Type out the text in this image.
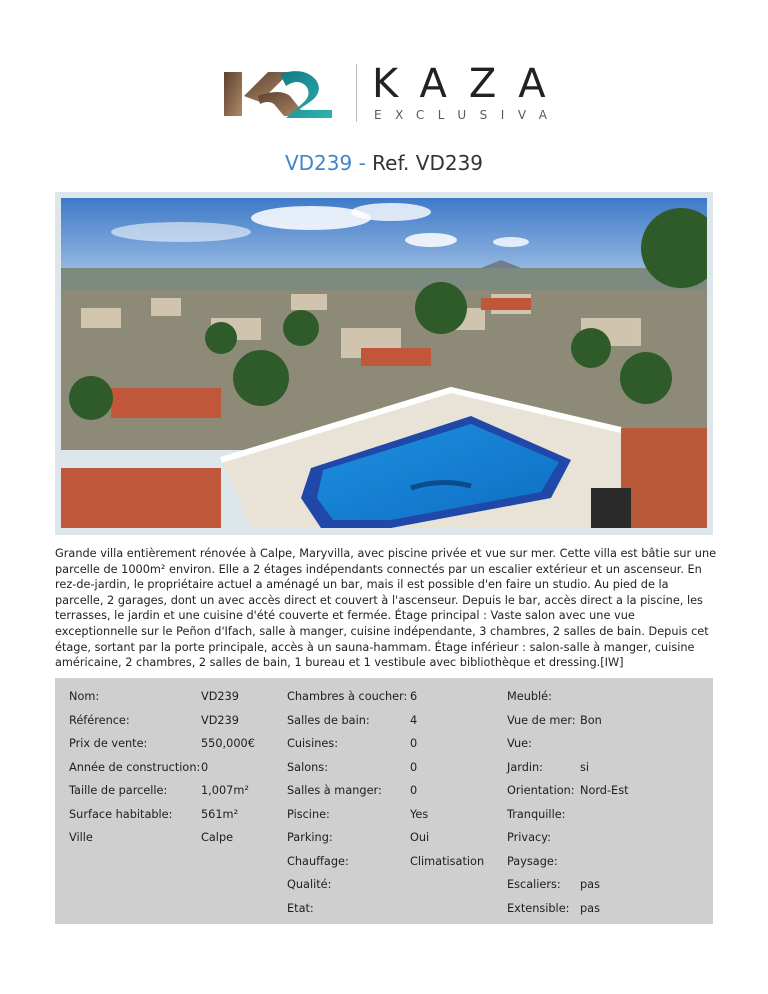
KAZA
EXCLUSIVA
VD239 - Ref. VD239
Grande villa entièrement rénovée à Calpe, Maryvilla, avec piscine privée et vue sur mer. Cette villa est bâtie sur une parcelle de 1000m² environ. Elle a 2 étages indépendants connectés par un escalier extérieur et un ascenseur. En rez-de-jardin, le propriétaire actuel a aménagé un bar, mais il est possible d'en faire un studio. Au pied de la parcelle, 2 garages, dont un avec accès direct et couvert à l'ascenseur. Depuis le bar, accès direct a la piscine, les terrasses, le jardin et une cuisine d'été couverte et fermée. Étage principal : Vaste salon avec une vue exceptionnelle sur le Peñon d'Ifach, salle à manger, cuisine indépendante, 3 chambres, 2 salles de bain. Depuis cet étage, sortant par la porte principale, accès à un sauna-hammam. Étage inférieur : salon-salle à manger, cuisine américaine, 2 chambres, 2 salles de bain, 1 bureau et 1 vestibule avec bibliothèque et dressing.[IW]
Nom:	VD239
Référence:	VD239
Prix de vente:	550,000€
Année de construction: 0
Taille de parcelle:	1,007m²
Surface habitable:	561m²
Ville	Calpe
Chambres à coucher: 6
Salles de bain:	4
Cuisines:	0
Salons:	0
Salles à manger: 0
Piscine:	Yes
Parking:	Oui
Chauffage:	Climatisation
Qualité:
Etat:
Meublé:
Vue de mer: Bon
Vue:
Jardin:	si
Orientation: Nord-Est
Tranquille:
Privacy:
Paysage:
Escaliers: pas
Extensible: pas
